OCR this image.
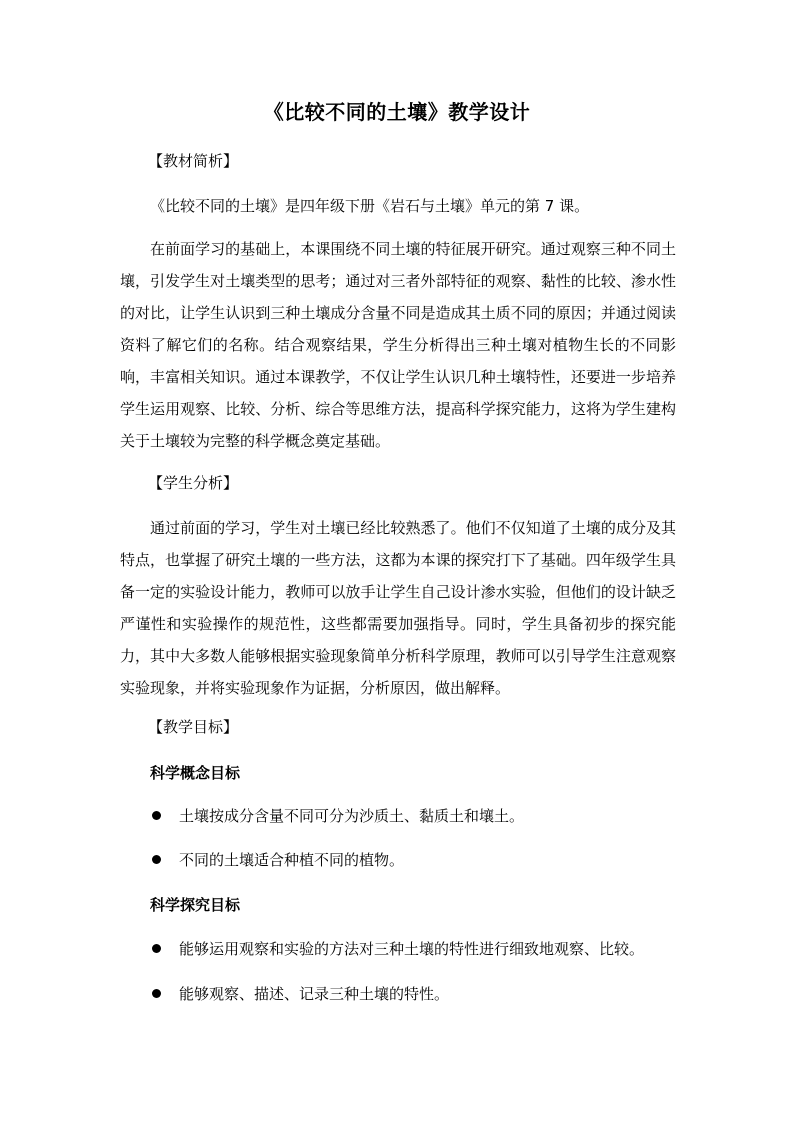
《比较不同的土壤》教学设计
【教材简析】

《比较不同的土壤》是四年级下册《岩石与土壤》单元的第 7 课。

在前面学习的基础上，本课围绕不同土壤的特征展开研究。通过观察三种不同土壤，引发学生对土壤类型的思考；通过对三者外部特征的观察、黏性的比较、渗水性的对比，让学生认识到三种土壤成分含量不同是造成其土质不同的原因；并通过阅读资料了解它们的名称。结合观察结果，学生分析得出三种土壤对植物生长的不同影响，丰富相关知识。通过本课教学，不仅让学生认识几种土壤特性，还要进一步培养学生运用观察、比较、分析、综合等思维方法，提高科学探究能力，这将为学生建构关于土壤较为完整的科学概念奠定基础。

【学生分析】

通过前面的学习，学生对土壤已经比较熟悉了。他们不仅知道了土壤的成分及其特点，也掌握了研究土壤的一些方法，这都为本课的探究打下了基础。四年级学生具备一定的实验设计能力，教师可以放手让学生自己设计渗水实验，但他们的设计缺乏严谨性和实验操作的规范性，这些都需要加强指导。同时，学生具备初步的探究能力，其中大多数人能够根据实验现象简单分析科学原理，教师可以引导学生注意观察实验现象，并将实验现象作为证据，分析原因，做出解释。

【教学目标】
科学概念目标
土壤按成分含量不同可分为沙质土、黏质土和壤土。
不同的土壤适合种植不同的植物。
科学探究目标
能够运用观察和实验的方法对三种土壤的特性进行细致地观察、比较。
能够观察、描述、记录三种土壤的特性。
